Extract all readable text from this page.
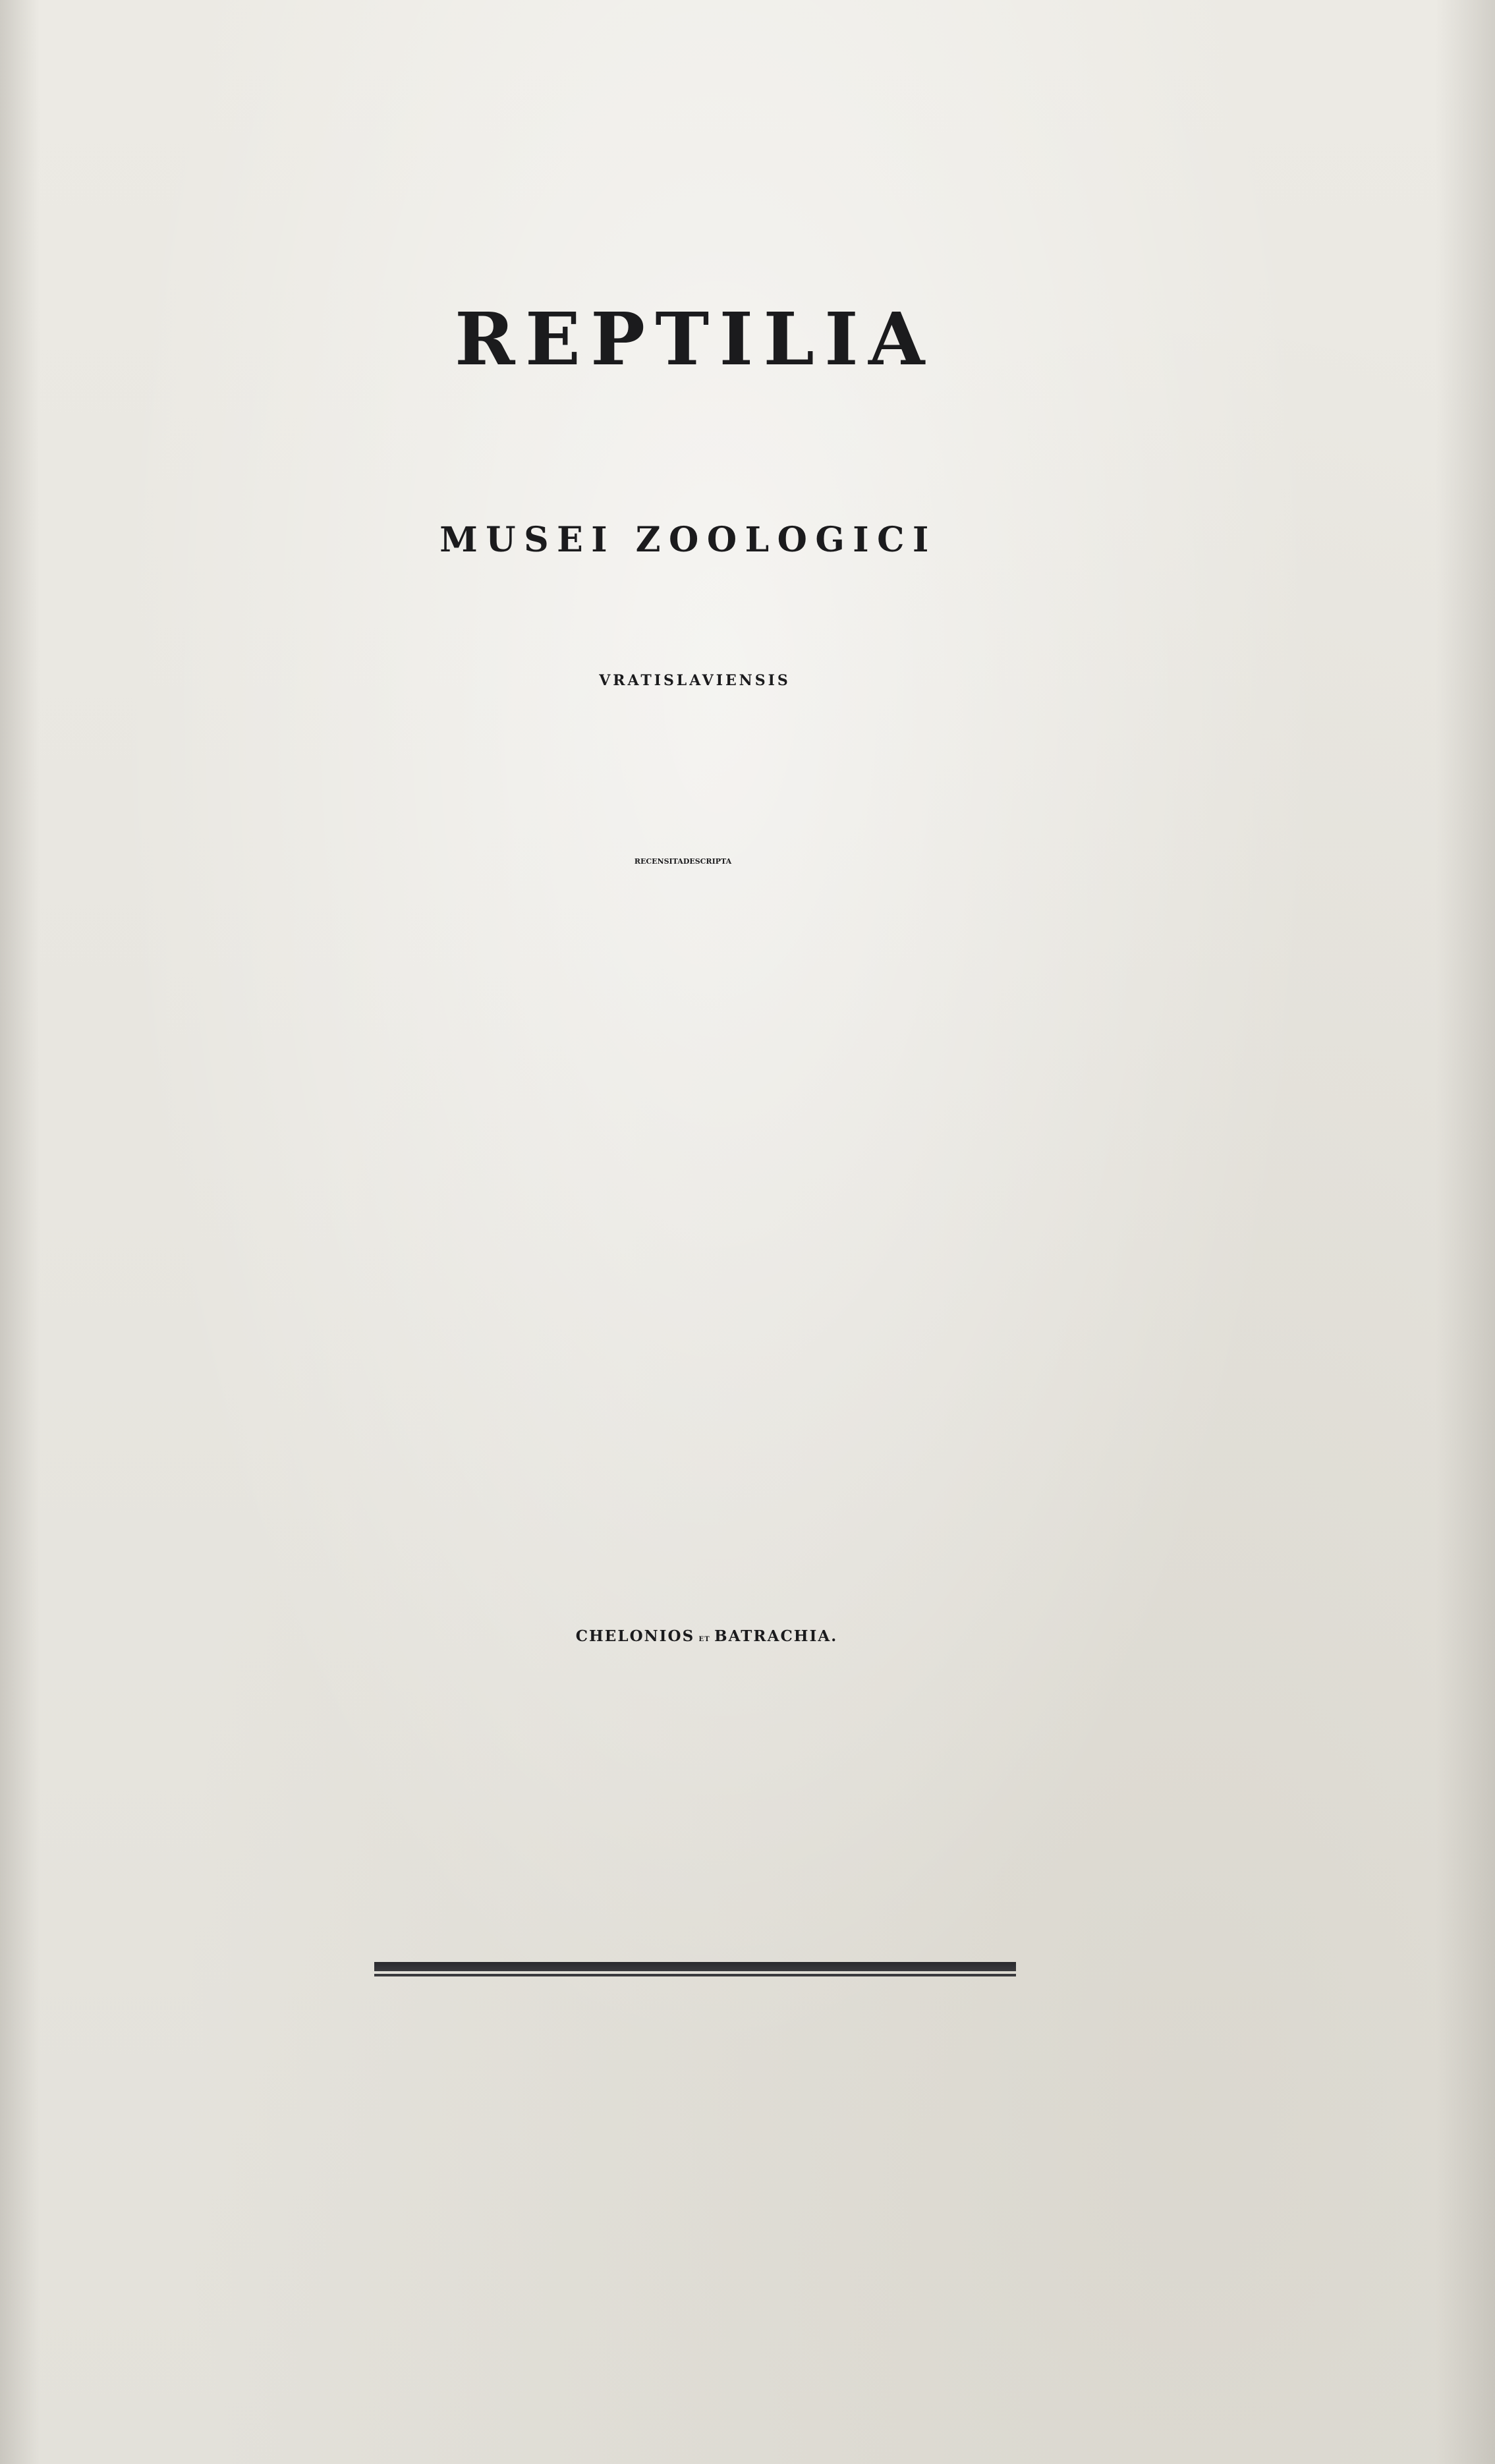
REPTILIA
MUSEI ZOOLOGICI
VRATISLAVIENSIS
RECENSITA DESCRIPTA
CHELONIOS ET BATRACHIA.
